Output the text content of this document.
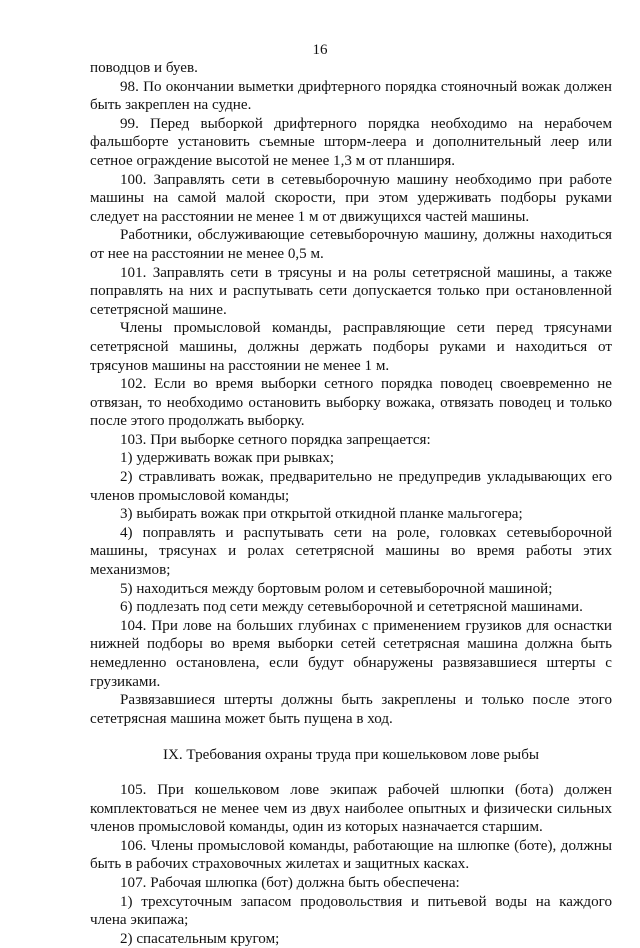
16

поводцов и буев.

98. По окончании выметки дрифтерного порядка стояночный вожак должен быть закреплен на судне.

99. Перед выборкой дрифтерного порядка необходимо на нерабочем фальшборте установить съемные шторм-леера и дополнительный леер или сетное ограждение высотой не менее 1,3 м от планширя.

100. Заправлять сети в сетевыборочную машину необходимо при работе машины на самой малой скорости, при этом удерживать подборы руками следует на расстоянии не менее 1 м от движущихся частей машины.

Работники, обслуживающие сетевыборочную машину, должны находиться от нее на расстоянии не менее 0,5 м.

101. Заправлять сети в трясуны и на ролы сететрясной машины, а также поправлять на них и распутывать сети допускается только при остановленной сететрясной машине.

Члены промысловой команды, расправляющие сети перед трясунами сететрясной машины, должны держать подборы руками и находиться от трясунов машины на расстоянии не менее 1 м.

102. Если во время выборки сетного порядка поводец своевременно не отвязан, то необходимо остановить выборку вожака, отвязать поводец и только после этого продолжать выборку.

103. При выборке сетного порядка запрещается:

1) удерживать вожак при рывках;

2) стравливать вожак, предварительно не предупредив укладывающих его членов промысловой команды;

3) выбирать вожак при открытой откидной планке мальгогера;

4) поправлять и распутывать сети на роле, головках сетевыборочной машины, трясунах и ролах сететрясной машины во время работы этих механизмов;

5) находиться между бортовым ролом и сетевыборочной машиной;

6) подлезать под сети между сетевыборочной и сететрясной машинами.

104. При лове на больших глубинах с применением грузиков для оснастки нижней подборы во время выборки сетей сететрясная машина должна быть немедленно остановлена, если будут обнаружены развязавшиеся штерты с грузиками.

Развязавшиеся штерты должны быть закреплены и только после этого сететрясная машина может быть пущена в ход.

IX. Требования охраны труда при кошельковом лове рыбы

105. При кошельковом лове экипаж рабочей шлюпки (бота) должен комплектоваться не менее чем из двух наиболее опытных и физически сильных членов промысловой команды, один из которых назначается старшим.

106. Члены промысловой команды, работающие на шлюпке (боте), должны быть в рабочих страховочных жилетах и защитных касках.

107. Рабочая шлюпка (бот) должна быть обеспечена:

1) трехсуточным запасом продовольствия и питьевой воды на каждого члена экипажа;

2) спасательным кругом;
